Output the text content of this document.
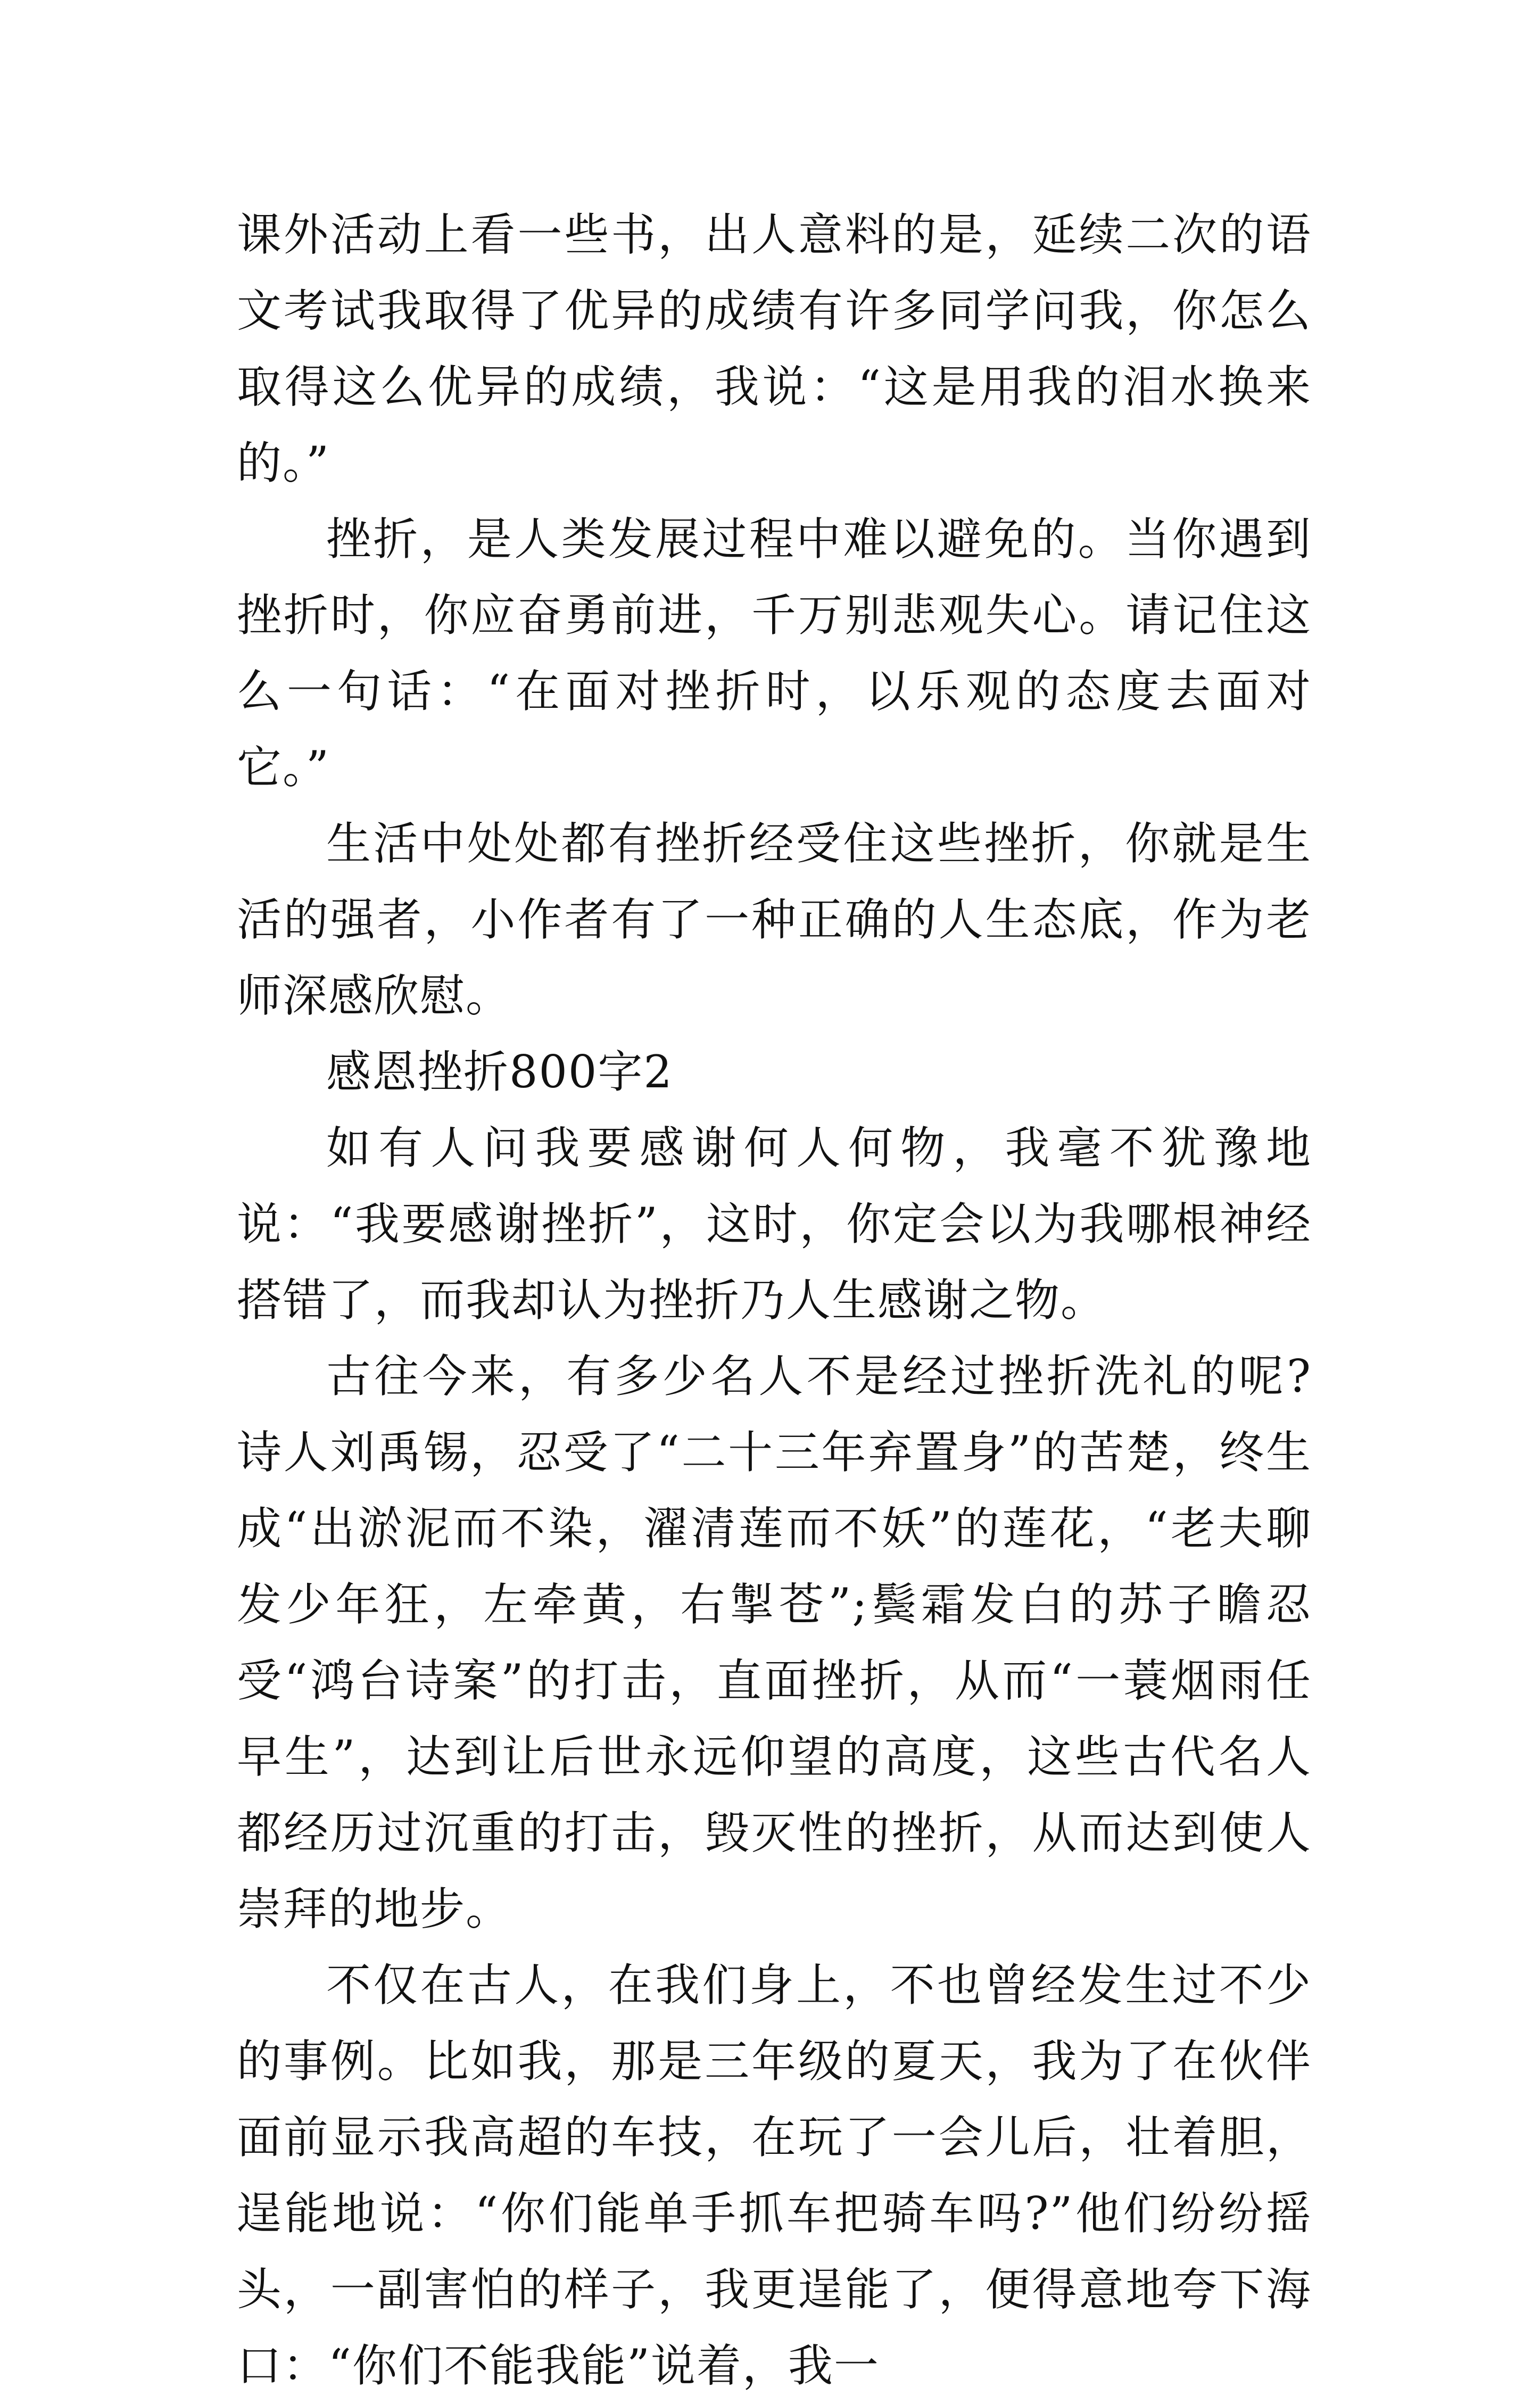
课外活动上看一些书，出人意料的是，延续二次的语文考试我取得了优异的成绩有许多同学问我，你怎么取得这么优异的成绩，我说：“这是用我的泪水换来的。”

挫折，是人类发展过程中难以避免的。当你遇到挫折时，你应奋勇前进，千万别悲观失心。请记住这么一句话：“在面对挫折时，以乐观的态度去面对它。”

生活中处处都有挫折经受住这些挫折，你就是生活的强者，小作者有了一种正确的人生态底，作为老师深感欣慰。

感恩挫折800字2

如有人问我要感谢何人何物，我毫不犹豫地说：“我要感谢挫折”，这时，你定会以为我哪根神经搭错了，而我却认为挫折乃人生感谢之物。

古往今来，有多少名人不是经过挫折洗礼的呢?诗人刘禹锡，忍受了“二十三年弃置身”的苦楚，终生成“出淤泥而不染，濯清莲而不妖”的莲花，“老夫聊发少年狂，左牵黄，右掣苍”;鬓霜发白的苏子瞻忍受“鸿台诗案”的打击，直面挫折，从而“一蓑烟雨任早生”，达到让后世永远仰望的高度，这些古代名人都经历过沉重的打击，毁灭性的挫折，从而达到使人崇拜的地步。

不仅在古人，在我们身上，不也曾经发生过不少的事例。比如我，那是三年级的夏天，我为了在伙伴面前显示我高超的车技，在玩了一会儿后，壮着胆，逞能地说：“你们能单手抓车把骑车吗?”他们纷纷摇头，一副害怕的样子，我更逞能了，便得意地夸下海口：“你们不能我能”说着，我一
